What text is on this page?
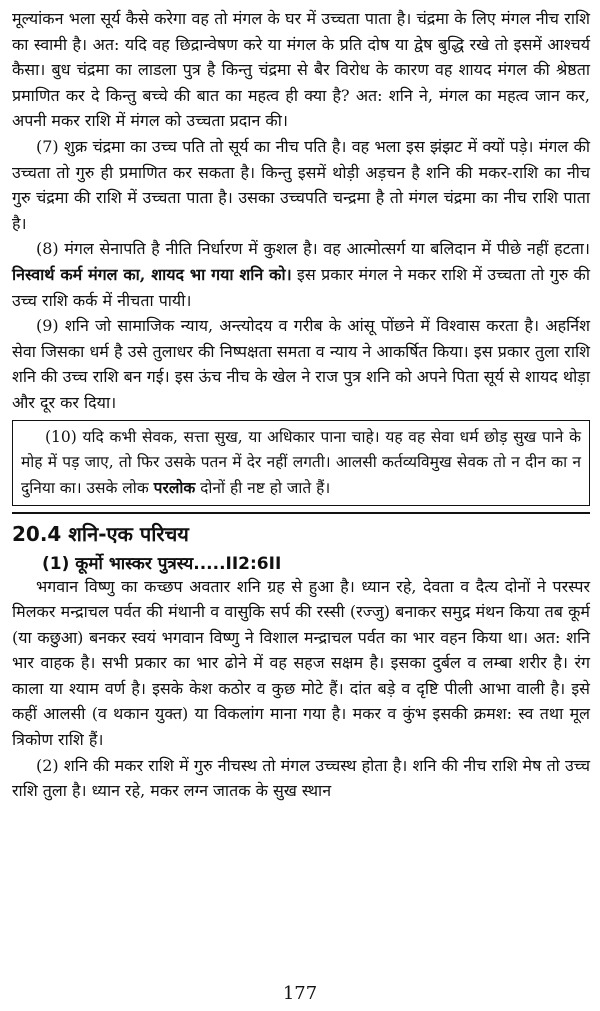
मूल्यांकन भला सूर्य कैसे करेगा वह तो मंगल के घर में उच्चता पाता है। चंद्रमा के लिए मंगल नीच राशि का स्वामी है। अत: यदि वह छिद्रान्वेषण करे या मंगल के प्रति दोष या द्वेष बुद्धि रखे तो इसमें आश्चर्य कैसा। बुध चंद्रमा का लाडला पुत्र है किन्तु चंद्रमा से बैर विरोध के कारण वह शायद मंगल की श्रेष्ठता प्रमाणित कर दे किन्तु बच्चे की बात का महत्व ही क्या है? अत: शनि ने, मंगल का महत्व जान कर, अपनी मकर राशि में मंगल को उच्चता प्रदान की।

(7) शुक्र चंद्रमा का उच्च पति तो सूर्य का नीच पति है। वह भला इस झंझट में क्यों पड़े। मंगल की उच्चता तो गुरु ही प्रमाणित कर सकता है। किन्तु इसमें थोड़ी अड़चन है शनि की मकर-राशि का नीच गुरु चंद्रमा की राशि में उच्चता पाता है। उसका उच्चपति चन्द्रमा है तो मंगल चंद्रमा का नीच राशि पाता है।

(8) मंगल सेनापति है नीति निर्धारण में कुशल है। वह आत्मोत्सर्ग या बलिदान में पीछे नहीं हटता। निस्वार्थ कर्म मंगल का, शायद भा गया शनि को। इस प्रकार मंगल ने मकर राशि में उच्चता तो गुरु की उच्च राशि कर्क में नीचता पायी।

(9) शनि जो सामाजिक न्याय, अन्त्योदय व गरीब के आंसू पोंछने में विश्वास करता है। अहर्निश सेवा जिसका धर्म है उसे तुलाधर की निष्पक्षता समता व न्याय ने आकर्षित किया। इस प्रकार तुला राशि शनि की उच्च राशि बन गई। इस ऊंच नीच के खेल ने राज पुत्र शनि को अपने पिता सूर्य से शायद थोड़ा और दूर कर दिया।

(10) यदि कभी सेवक, सत्ता सुख, या अधिकार पाना चाहे। यह वह सेवा धर्म छोड़ सुख पाने के मोह में पड़ जाए, तो फिर उसके पतन में देर नहीं लगती। आलसी कर्तव्यविमुख सेवक तो न दीन का न दुनिया का। उसके लोक परलोक दोनों ही नष्ट हो जाते हैं।

20.4 शनि-एक परिचय
(1) कूर्मो भास्कर पुत्रस्य.....II2:6II

भगवान विष्णु का कच्छप अवतार शनि ग्रह से हुआ है। ध्यान रहे, देवता व दैत्य दोनों ने परस्पर मिलकर मन्द्राचल पर्वत की मंथानी व वासुकि सर्प की रस्सी (रज्जु) बनाकर समुद्र मंथन किया तब कूर्म (या कछुआ) बनकर स्वयं भगवान विष्णु ने विशाल मन्द्राचल पर्वत का भार वहन किया था। अत: शनि भार वाहक है। सभी प्रकार का भार ढोने में वह सहज सक्षम है। इसका दुर्बल व लम्बा शरीर है। रंग काला या श्याम वर्ण है। इसके केश कठोर व कुछ मोटे हैं। दांत बड़े व दृष्टि पीली आभा वाली है। इसे कहीं आलसी (व थकान युक्त) या विकलांग माना गया है। मकर व कुंभ इसकी क्रमश: स्व तथा मूल त्रिकोण राशि हैं।

(2) शनि की मकर राशि में गुरु नीचस्थ तो मंगल उच्चस्थ होता है। शनि की नीच राशि मेष तो उच्च राशि तुला है। ध्यान रहे, मकर लग्न जातक के सुख स्थान

177
